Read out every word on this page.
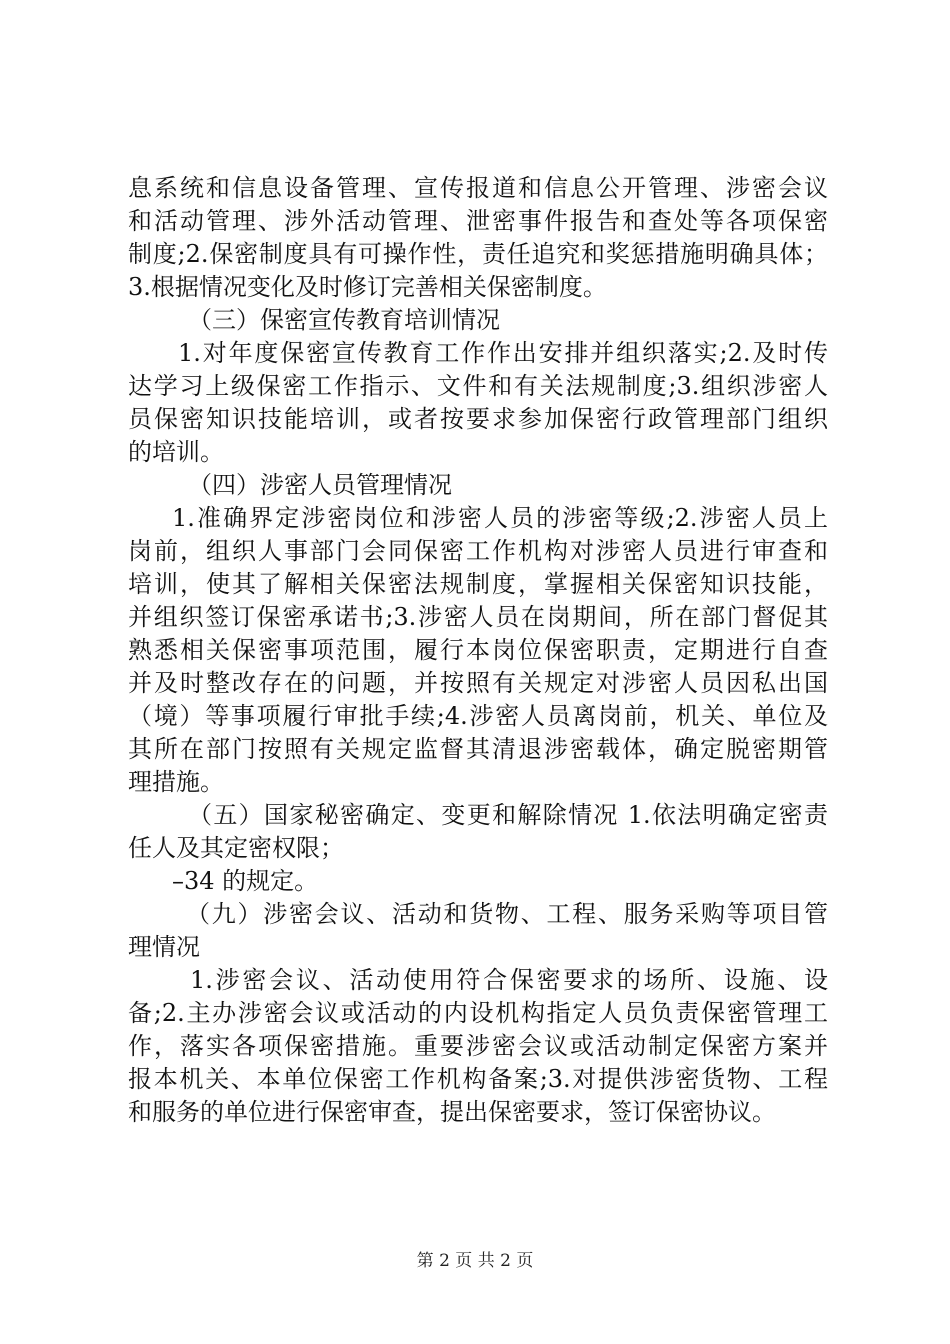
息系统和信息设备管理、宣传报道和信息公开管理、涉密会议
和活动管理、涉外活动管理、泄密事件报告和查处等各项保密
制度;2.保密制度具有可操作性，责任追究和奖惩措施明确具体；
3.根据情况变化及时修订完善相关保密制度。
（三）保密宣传教育培训情况
1.对年度保密宣传教育工作作出安排并组织落实;2.及时传
达学习上级保密工作指示、文件和有关法规制度;3.组织涉密人
员保密知识技能培训，或者按要求参加保密行政管理部门组织
的培训。
（四）涉密人员管理情况
1.准确界定涉密岗位和涉密人员的涉密等级;2.涉密人员上
岗前，组织人事部门会同保密工作机构对涉密人员进行审查和
培训，使其了解相关保密法规制度，掌握相关保密知识技能，
并组织签订保密承诺书;3.涉密人员在岗期间，所在部门督促其
熟悉相关保密事项范围，履行本岗位保密职责，定期进行自查
并及时整改存在的问题，并按照有关规定对涉密人员因私出国
（境）等事项履行审批手续;4.涉密人员离岗前，机关、单位及
其所在部门按照有关规定监督其清退涉密载体，确定脱密期管
理措施。
（五）国家秘密确定、变更和解除情况 1.依法明确定密责
任人及其定密权限；
–34 的规定。
（九）涉密会议、活动和货物、工程、服务采购等项目管
理情况
1.涉密会议、活动使用符合保密要求的场所、设施、设
备;2.主办涉密会议或活动的内设机构指定人员负责保密管理工
作，落实各项保密措施。重要涉密会议或活动制定保密方案并
报本机关、本单位保密工作机构备案;3.对提供涉密货物、工程
和服务的单位进行保密审查，提出保密要求，签订保密协议。
第 2 页 共 2 页
